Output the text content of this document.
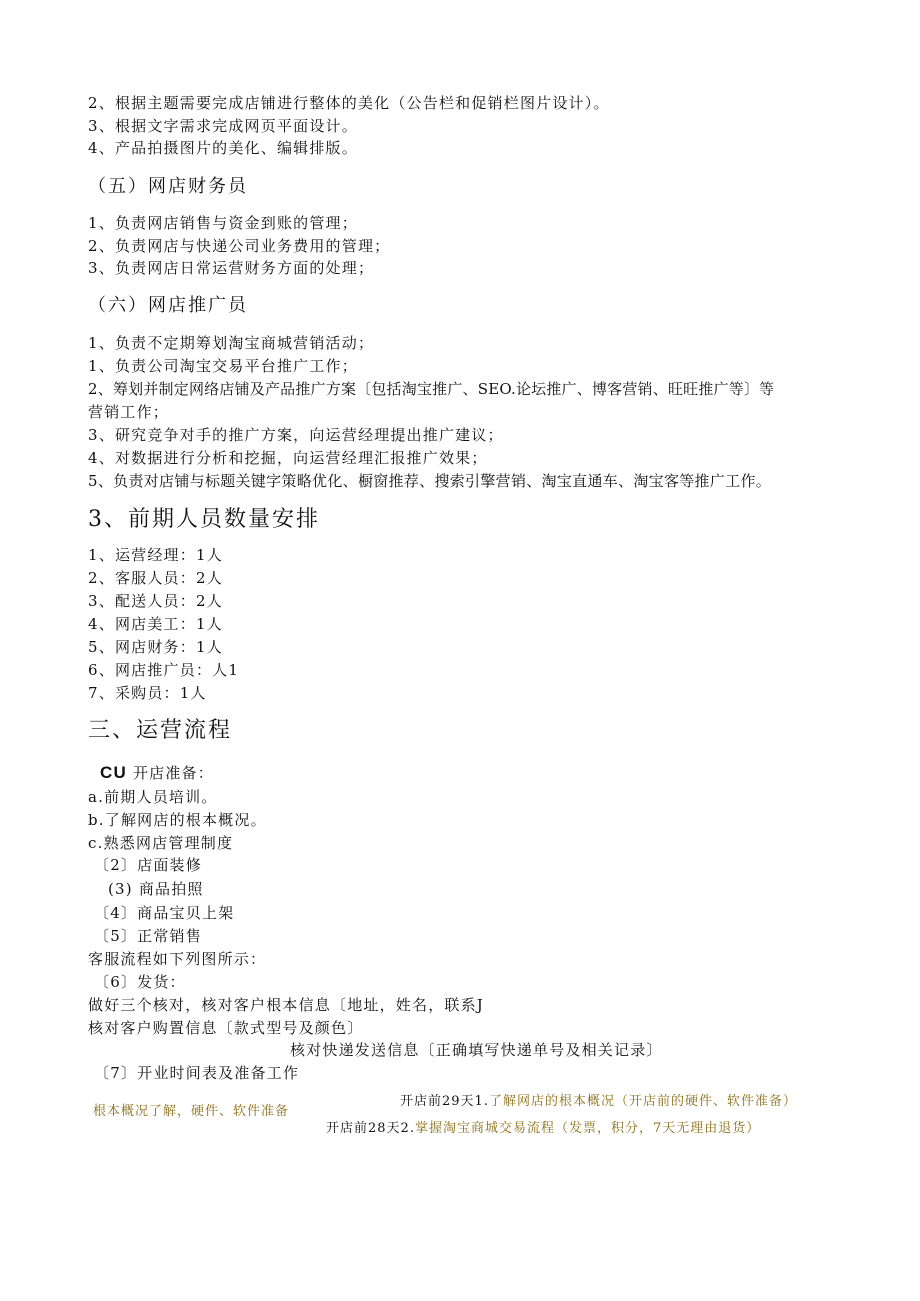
2、根据主题需要完成店铺进行整体的美化（公告栏和促销栏图片设计）。
3、根据文字需求完成网页平面设计。
4、产品拍摄图片的美化、编辑排版。
（五）网店财务员
1、负责网店销售与资金到账的管理；
2、负责网店与快递公司业务费用的管理；
3、负责网店日常运营财务方面的处理；
（六）网店推广员
1、负责不定期筹划淘宝商城营销活动；
1、负责公司淘宝交易平台推广工作；
2、筹划并制定网络店铺及产品推广方案〔包括淘宝推广、SEO.论坛推广、博客营销、旺旺推广等〕等
营销工作；
3、研究竞争对手的推广方案，向运营经理提出推广建议；
4、对数据进行分析和挖掘，向运营经理汇报推广效果；
5、负责对店铺与标题关键字策略优化、橱窗推荐、搜索引擎营销、淘宝直通车、淘宝客等推广工作。
3、前期人员数量安排
1、运营经理：1人
2、客服人员：2人
3、配送人员：2人
4、网店美工：1人
5、网店财务：1人
6、网店推广员：人1
7、采购员：1人
三、运营流程
CU 开店准备：
a.前期人员培训。
b.了解网店的根本概况。
c.熟悉网店管理制度
〔2〕店面装修
(3) 商品拍照
〔4〕商品宝贝上架
〔5〕正常销售
客服流程如下列图所示：
〔6〕发货：
做好三个核对，核对客户根本信息〔地址，姓名，联系J
核对客户购置信息〔款式型号及颜色〕
核对快递发送信息〔正确填写快递单号及相关记录〕
〔7〕开业时间表及准备工作
根本概况了解，硬件、软件准备
开店前29天1.了解网店的根本概况（开店前的硬件、软件准备）
开店前28天2.掌握淘宝商城交易流程（发票，积分，7天无理由退货）
